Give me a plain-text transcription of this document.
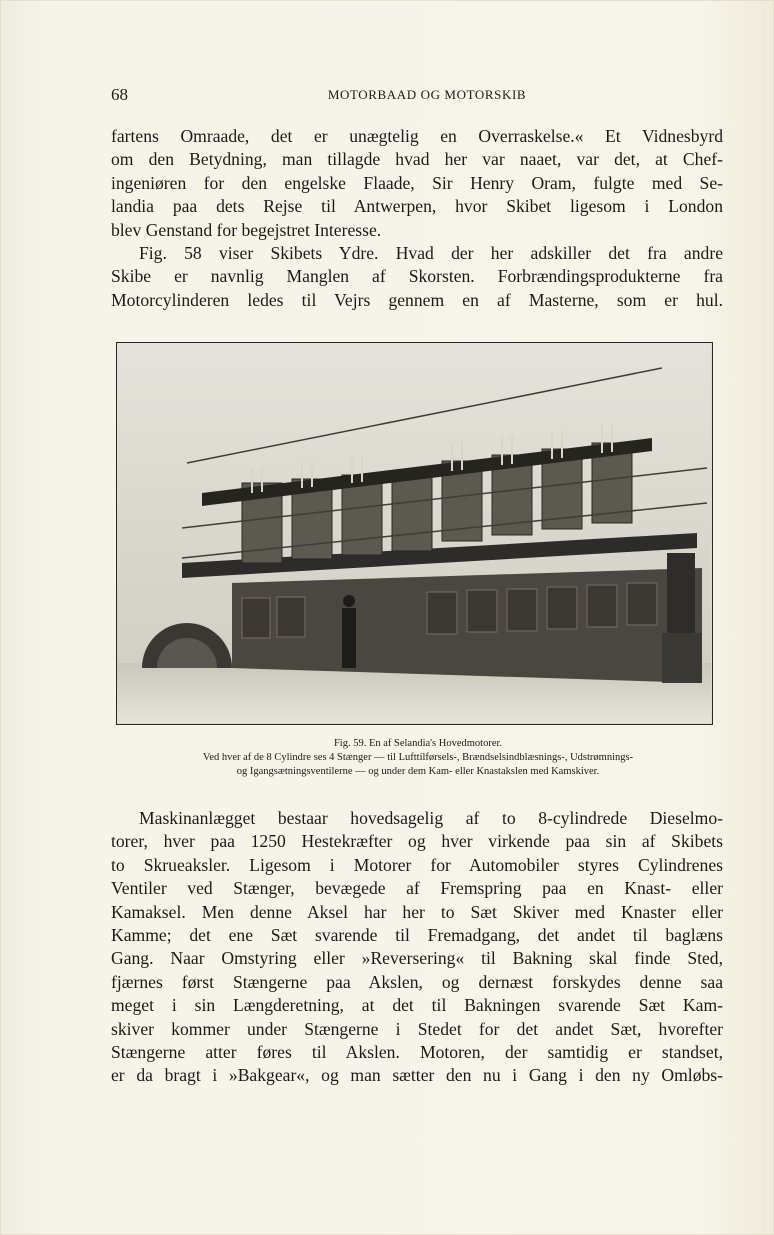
68	MOTORBAAD OG MOTORSKIB
fartens Omraade, det er unægtelig en Overraskelse.« Et Vidnesbyrd
om den Betydning, man tillagde hvad her var naaet, var det, at Chef-
ingeniøren for den engelske Flaade, Sir Henry Oram, fulgte med Se-
landia paa dets Rejse til Antwerpen, hvor Skibet ligesom i London
blev Genstand for begejstret Interesse.
Fig. 58 viser Skibets Ydre. Hvad der her adskiller det fra andre
Skibe er navnlig Manglen af Skorsten. Forbrændingsprodukterne fra
Motorcylinderen ledes til Vejrs gennem en af Masterne, som er hul.
Fig. 59. En af Selandia's Hovedmotorer.
Ved hver af de 8 Cylindre ses 4 Stænger — til Lufttilførsels-, Brændselsindblæsnings-, Udstrømnings-
og Igangsætningsventilerne — og under dem Kam- eller Knastakslen med Kamskiver.
Maskinanlægget bestaar hovedsagelig af to 8-cylindrede Dieselmo-
torer, hver paa 1250 Hestekræfter og hver virkende paa sin af Skibets
to Skrueaksler. Ligesom i Motorer for Automobiler styres Cylindrenes
Ventiler ved Stænger, bevægede af Fremspring paa en Knast- eller
Kamaksel. Men denne Aksel har her to Sæt Skiver med Knaster eller
Kamme; det ene Sæt svarende til Fremadgang, det andet til baglæns
Gang. Naar Omstyring eller »Reversering« til Bakning skal finde Sted,
fjærnes først Stængerne paa Akslen, og dernæst forskydes denne saa
meget i sin Længderetning, at det til Bakningen svarende Sæt Kam-
skiver kommer under Stængerne i Stedet for det andet Sæt, hvorefter
Stængerne atter føres til Akslen. Motoren, der samtidig er standset,
er da bragt i »Bakgear«, og man sætter den nu i Gang i den ny Omløbs-
